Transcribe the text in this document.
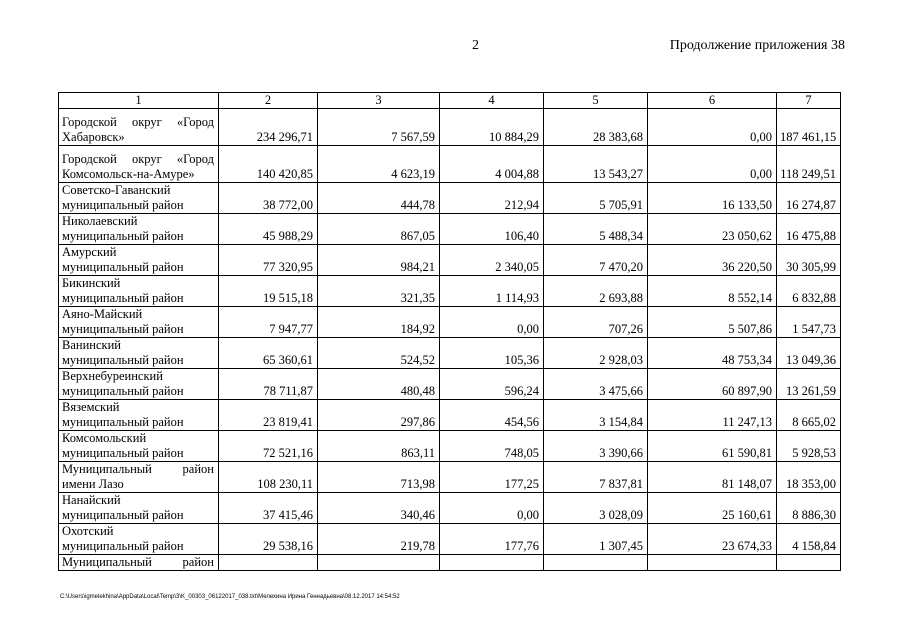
2	Продолжение приложения 38
1	2	3	4	5	6	7

Городской округ «Город
Хабаровск»	234 296,71	7 567,59	10 884,29	28 383,68	0,00	187 461,15

Городской округ «Город
Комсомольск-на-Амуре»	140 420,85	4 623,19	4 004,88	13 543,27	0,00	118 249,51

Советско-Гаванский
муниципальный район	38 772,00	444,78	212,94	5 705,91	16 133,50	16 274,87

Николаевский
муниципальный район	45 988,29	867,05	106,40	5 488,34	23 050,62	16 475,88

Амурский
муниципальный район	77 320,95	984,21	2 340,05	7 470,20	36 220,50	30 305,99

Бикинский
муниципальный район	19 515,18	321,35	1 114,93	2 693,88	8 552,14	6 832,88

Аяно-Майский
муниципальный район	7 947,77	184,92	0,00	707,26	5 507,86	1 547,73

Ванинский
муниципальный район	65 360,61	524,52	105,36	2 928,03	48 753,34	13 049,36

Верхнебуреинский
муниципальный район	78 711,87	480,48	596,24	3 475,66	60 897,90	13 261,59

Вяземский
муниципальный район	23 819,41	297,86	454,56	3 154,84	11 247,13	8 665,02

Комсомольский
муниципальный район	72 521,16	863,11	748,05	3 390,66	61 590,81	5 928,53

Муниципальный район
имени Лазо	108 230,11	713,98	177,25	7 837,81	81 148,07	18 353,00

Нанайский
муниципальный район	37 415,46	340,46	0,00	3 028,09	25 160,61	8 886,30

Охотский
муниципальный район	29 538,16	219,78	177,76	1 307,45	23 674,33	4 158,84

Муниципальный район						

C:\Users\igmelekhina\AppData\Local\Temp\3\K_00303_06122017_038.txt\Мелехина Ирина Геннадьевна\08.12.2017 14:54:52
